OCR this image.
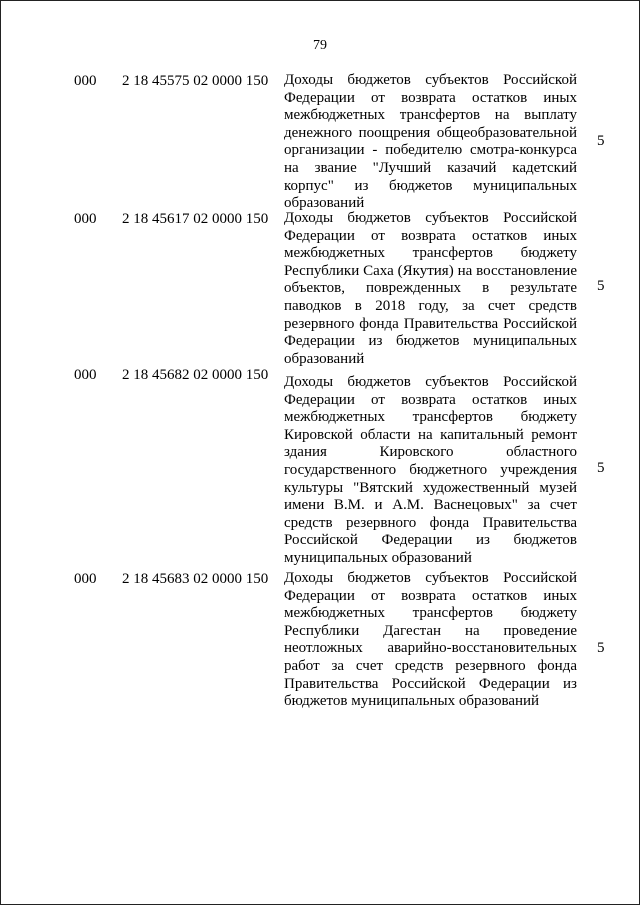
79
000 2 18 45575 02 0000 150 Доходы бюджетов субъектов Российской Федерации от возврата остатков иных межбюджетных трансфертов на выплату денежного поощрения общеобразовательной организации - победителю смотра-конкурса на звание "Лучший казачий кадетский корпус" из бюджетов муниципальных образований
5
000 2 18 45617 02 0000 150 Доходы бюджетов субъектов Российской Федерации от возврата остатков иных межбюджетных трансфертов бюджету Республики Саха (Якутия) на восстановление объектов, поврежденных в результате паводков в 2018 году, за счет средств резервного фонда Правительства Российской Федерации из бюджетов муниципальных образований
5
000 2 18 45682 02 0000 150 Доходы бюджетов субъектов Российской Федерации от возврата остатков иных межбюджетных трансфертов бюджету Кировской области на капитальный ремонт здания Кировского областного государственного бюджетного учреждения культуры "Вятский художественный музей имени В.М. и А.М. Васнецовых" за счет средств резервного фонда Правительства Российской Федерации из бюджетов муниципальных образований
5
000 2 18 45683 02 0000 150 Доходы бюджетов субъектов Российской Федерации от возврата остатков иных межбюджетных трансфертов бюджету Республики Дагестан на проведение неотложных аварийно-восстановительных работ за счет средств резервного фонда Правительства Российской Федерации из бюджетов муниципальных образований
5
